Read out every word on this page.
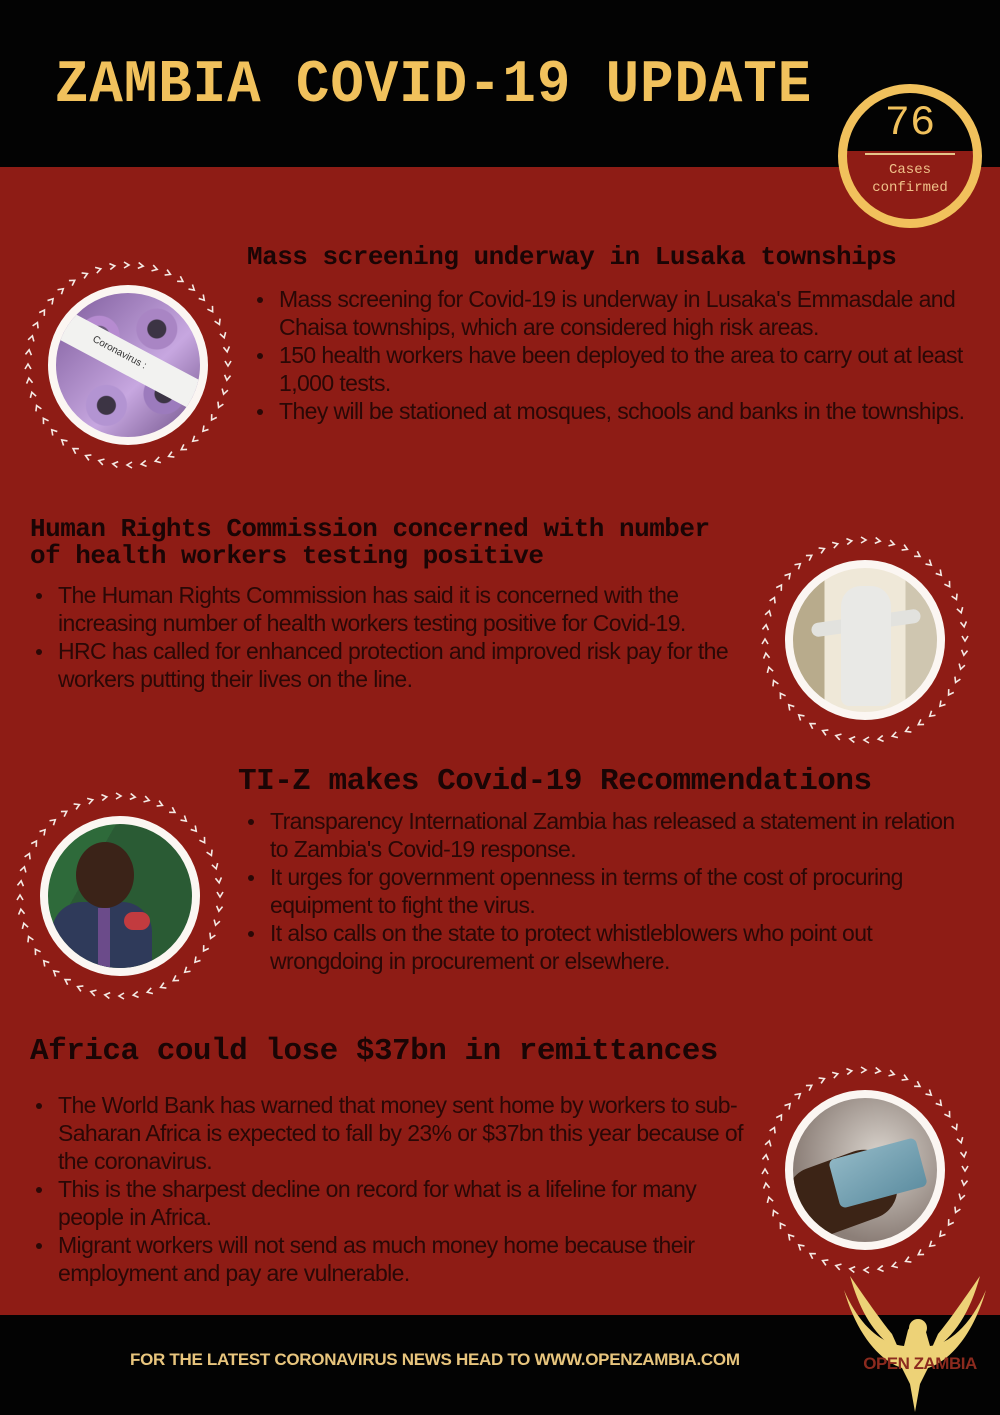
ZAMBIA COVID-19 UPDATE
76
Cases
confirmed
Coronavirus :
Mass screening underway in Lusaka townships
Mass screening for Covid-19 is underway in Lusaka's Emmasdale and Chaisa townships, which are considered high risk areas.
150 health workers have been deployed to the area to carry out at least 1,000 tests.
They will be stationed at mosques, schools and banks in the townships.
Human Rights Commission concerned with number of health workers testing positive
The Human Rights Commission has said it is concerned with the increasing number of health workers testing positive for Covid-19.
HRC has called for enhanced protection and improved risk pay for the workers putting their lives on the line.
TI-Z makes Covid-19 Recommendations
Transparency International Zambia has released a statement in relation to Zambia's Covid-19 response.
It urges for government openness in terms of the cost of procuring equipment to fight the virus.
It also calls on the state to protect whistleblowers who point out wrongdoing in procurement or elsewhere.
Africa could lose $37bn in remittances
The World Bank has warned that money sent home by workers to sub-Saharan Africa is expected to fall by 23% or $37bn this year because of the coronavirus.
This is the sharpest decline on record for what is a lifeline for many people in Africa.
Migrant workers will not send as much money home because their employment and pay are vulnerable.
FOR THE LATEST CORONAVIRUS NEWS HEAD TO WWW.OPENZAMBIA.COM	OPEN ZAMBIA
